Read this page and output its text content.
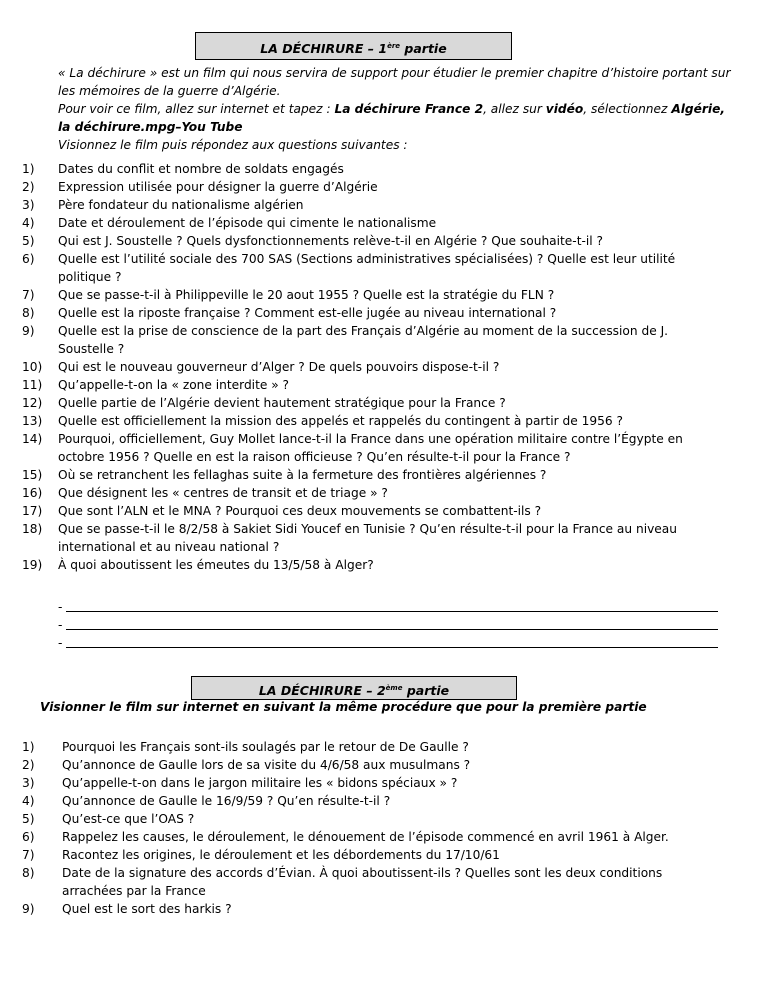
LA DÉCHIRURE – 1ère partie

« La déchirure » est un film qui nous servira de support pour étudier le premier chapitre d’histoire portant sur les mémoires de la guerre d’Algérie.

Pour voir ce film, allez sur internet et tapez : La déchirure France 2, allez sur vidéo, sélectionnez Algérie, la déchirure.mpg–You Tube

Visionnez le film puis répondez aux questions suivantes :

1)	Dates du conflit et nombre de soldats engagés
2)	Expression utilisée pour désigner la guerre d’Algérie
3)	Père fondateur du nationalisme algérien
4)	Date et déroulement de l’épisode qui cimente le nationalisme
5)	Qui est J. Soustelle ? Quels dysfonctionnements relève-t-il en Algérie ? Que souhaite-t-il ?
6)	Quelle est l’utilité sociale des 700 SAS (Sections administratives spécialisées) ? Quelle est leur utilité politique ?
7)	Que se passe-t-il à Philippeville le 20 aout 1955 ? Quelle est la stratégie du FLN ?
8)	Quelle est la riposte française ? Comment est-elle jugée au niveau international ?
9)	Quelle est la prise de conscience de la part des Français d’Algérie au moment de la succession de J. Soustelle ?
10)	Qui est le nouveau gouverneur d’Alger ? De quels pouvoirs dispose-t-il ?
11)	Qu’appelle-t-on la « zone interdite » ?
12)	Quelle partie de l’Algérie devient hautement stratégique pour la France ?
13)	Quelle est officiellement la mission des appelés et rappelés du contingent à partir de 1956 ?
14)	Pourquoi, officiellement, Guy Mollet lance-t-il la France dans une opération militaire contre l’Égypte en octobre 1956 ? Quelle en est la raison officieuse ? Qu’en résulte-t-il pour la France ?
15)	Où se retranchent les fellaghas suite à la fermeture des frontières algériennes ?
16)	Que désignent les « centres de transit et de triage » ?
17)	Que sont l’ALN et le MNA ? Pourquoi ces deux mouvements se combattent-ils ?
18)	Que se passe-t-il le 8/2/58 à Sakiet Sidi Youcef en Tunisie ? Qu’en résulte-t-il pour la France au niveau international et au niveau national ?
19)	À quoi aboutissent les émeutes du 13/5/58 à Alger?
-
-
-
LA DÉCHIRURE – 2ème partie
Visionner le film sur internet en suivant la même procédure que pour la première partie
1)	Pourquoi les Français sont-ils soulagés par le retour de De Gaulle ?
2)	Qu’annonce de Gaulle lors de sa visite du 4/6/58 aux musulmans ?
3)	Qu’appelle-t-on dans le jargon militaire les « bidons spéciaux » ?
4)	Qu’annonce de Gaulle le 16/9/59 ? Qu’en résulte-t-il ?
5)	Qu’est-ce que l’OAS ?
6)	Rappelez les causes, le déroulement, le dénouement de l’épisode commencé en avril 1961 à Alger.
7)	Racontez les origines, le déroulement et les débordements du 17/10/61
8)	Date de la signature des accords d’Évian. À quoi aboutissent-ils ? Quelles sont les deux conditions arrachées par la France
9)	Quel est le sort des harkis ?
